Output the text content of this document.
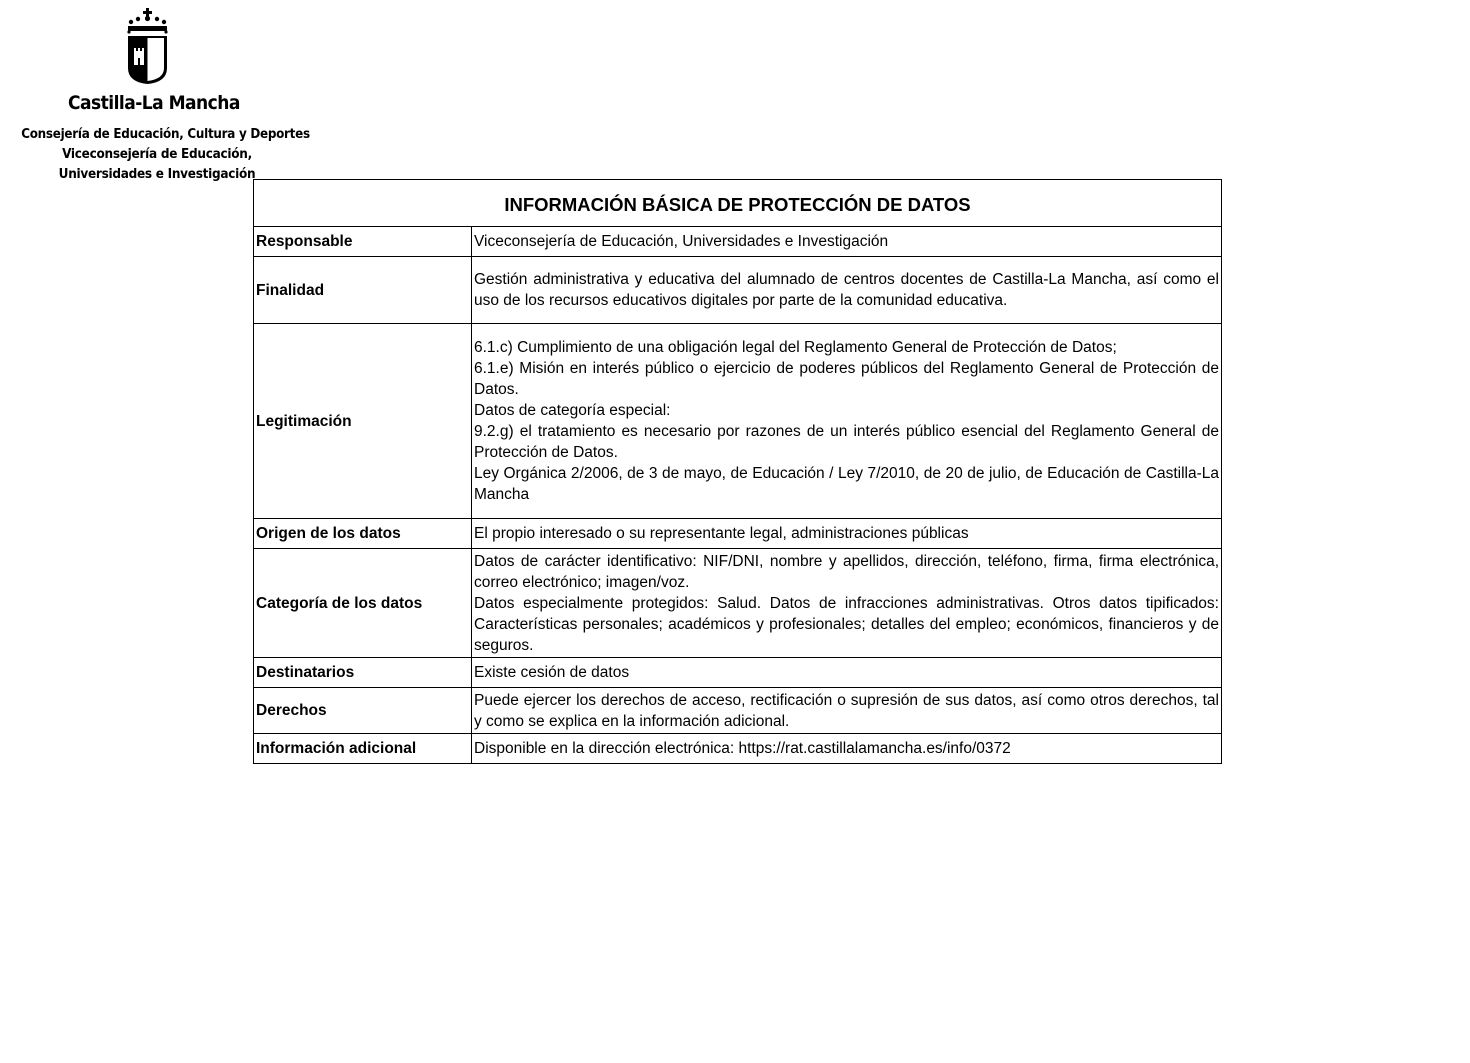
Castilla-La Mancha
Consejería de Educación, Cultura y Deportes
Viceconsejería de Educación,
Universidades e Investigación
INFORMACIÓN BÁSICA DE PROTECCIÓN DE DATOS	
Responsable	Viceconsejería de Educación, Universidades e Investigación

Finalidad	Gestión administrativa y educativa del alumnado de centros docentes de Castilla-La Mancha, así como el uso de los recursos educativos digitales por parte de la comunidad educativa.

Legitimación	6.1.c) Cumplimiento de una obligación legal del Reglamento General de Protección de Datos;
6.1.e) Misión en interés público o ejercicio de poderes públicos del Reglamento General de Protección de Datos.
Datos de categoría especial:
9.2.g) el tratamiento es necesario por razones de un interés público esencial del Reglamento General de Protección de Datos.
Ley Orgánica 2/2006, de 3 de mayo, de Educación / Ley 7/2010, de 20 de julio, de Educación de Castilla-La Mancha

Origen de los datos	El propio interesado o su representante legal, administraciones públicas

Categoría de los datos	Datos de carácter identificativo: NIF/DNI, nombre y apellidos, dirección, teléfono, firma, firma electrónica, correo electrónico; imagen/voz.
Datos especialmente protegidos: Salud. Datos de infracciones administrativas. Otros datos tipificados: Características personales; académicos y profesionales; detalles del empleo; económicos, financieros y de seguros.

Destinatarios	Existe cesión de datos

Derechos	Puede ejercer los derechos de acceso, rectificación o supresión de sus datos, así como otros derechos, tal y como se explica en la información adicional.

Información adicional	Disponible en la dirección electrónica: https://rat.castillalamancha.es/info/0372
